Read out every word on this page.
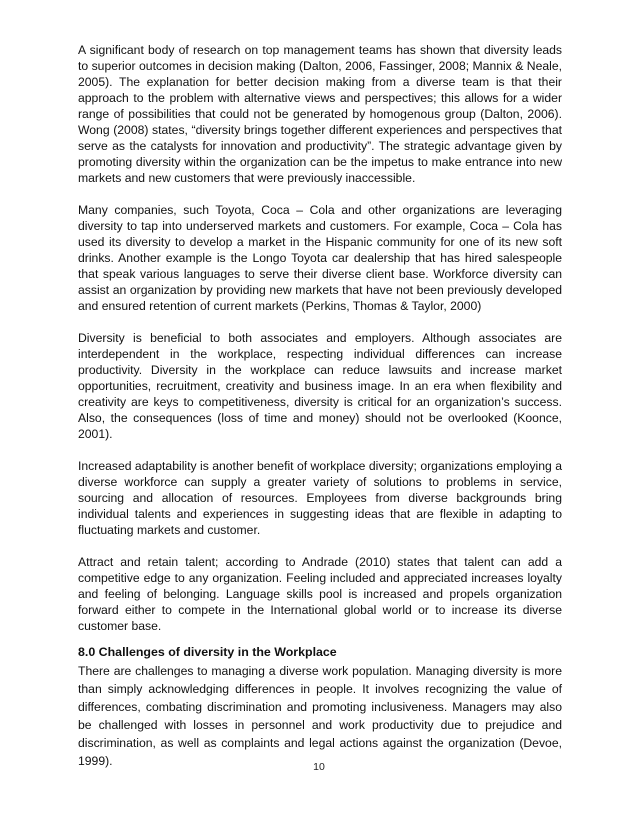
A significant body of research on top management teams has shown that diversity leads to superior outcomes in decision making (Dalton, 2006, Fassinger, 2008; Mannix & Neale, 2005). The explanation for better decision making from a diverse team is that their approach to the problem with alternative views and perspectives; this allows for a wider range of possibilities that could not be generated by homogenous group (Dalton, 2006). Wong (2008) states, “diversity brings together different experiences and perspectives that serve as the catalysts for innovation and productivity”. The strategic advantage given by promoting diversity within the organization can be the impetus to make entrance into new markets and new customers that were previously inaccessible.

Many companies, such Toyota, Coca – Cola and other organizations are leveraging diversity to tap into underserved markets and customers. For example, Coca – Cola has used its diversity to develop a market in the Hispanic community for one of its new soft drinks. Another example is the Longo Toyota car dealership that has hired salespeople that speak various languages to serve their diverse client base. Workforce diversity can assist an organization by providing new markets that have not been previously developed and ensured retention of current markets (Perkins, Thomas & Taylor, 2000)

Diversity is beneficial to both associates and employers. Although associates are interdependent in the workplace, respecting individual differences can increase productivity. Diversity in the workplace can reduce lawsuits and increase market opportunities, recruitment, creativity and business image. In an era when flexibility and creativity are keys to competitiveness, diversity is critical for an organization’s success. Also, the consequences (loss of time and money) should not be overlooked (Koonce, 2001).

Increased adaptability is another benefit of workplace diversity; organizations employing a diverse workforce can supply a greater variety of solutions to problems in service, sourcing and allocation of resources. Employees from diverse backgrounds bring individual talents and experiences in suggesting ideas that are flexible in adapting to fluctuating markets and customer.

Attract and retain talent; according to Andrade (2010) states that talent can add a competitive edge to any organization. Feeling included and appreciated increases loyalty and feeling of belonging. Language skills pool is increased and propels organization forward either to compete in the International global world or to increase its diverse customer base.

8.0 Challenges of diversity in the Workplace

There are challenges to managing a diverse work population. Managing diversity is more than simply acknowledging differences in people. It involves recognizing the value of differences, combating discrimination and promoting inclusiveness. Managers may also be challenged with losses in personnel and work productivity due to prejudice and discrimination, as well as complaints and legal actions against the organization (Devoe, 1999).	10
